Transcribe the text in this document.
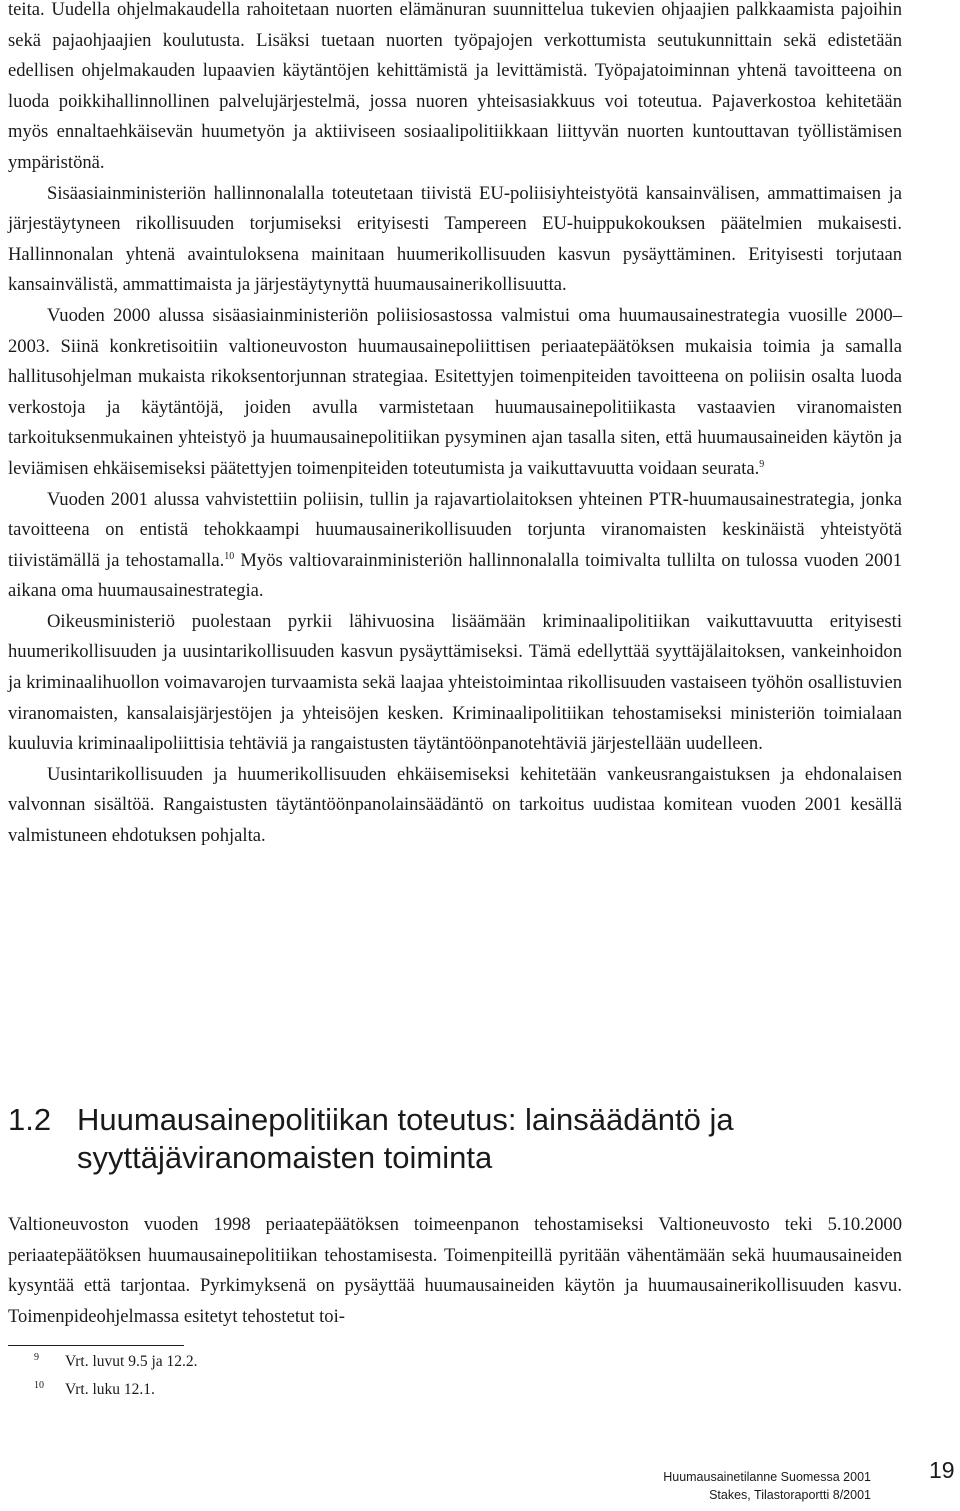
teita. Uudella ohjelmakaudella rahoitetaan nuorten elämänuran suunnittelua tukevien ohjaajien palkkaamista pajoihin sekä pajaohjaajien koulutusta. Lisäksi tuetaan nuorten työpajojen verkottumista seutukunnittain sekä edistetään edellisen ohjelmakauden lupaavien käytäntöjen kehittämistä ja levittämistä. Työpajatoiminnan yhtenä tavoitteena on luoda poikkihallinnollinen palvelujärjestelmä, jossa nuoren yhteisasiakkuus voi toteutua. Pajaverkostoa kehitetään myös ennaltaehkäisevän huumetyön ja aktiiviseen sosiaalipolitiikkaan liittyvän nuorten kuntouttavan työllistämisen ympäristönä.

Sisäasiainministeriön hallinnonalalla toteutetaan tiivistä EU-poliisiyhteistyötä kansainvälisen, ammattimaisen ja järjestäytyneen rikollisuuden torjumiseksi erityisesti Tampereen EU-huippukokouksen päätelmien mukaisesti. Hallinnonalan yhtenä avaintuloksena mainitaan huumerikollisuuden kasvun pysäyttäminen. Erityisesti torjutaan kansainvälistä, ammattimaista ja järjestäytynyttä huumausainerikollisuutta.

Vuoden 2000 alussa sisäasiainministeriön poliisiosastossa valmistui oma huumausainestrategia vuosille 2000–2003. Siinä konkretisoitiin valtioneuvoston huumausainepoliittisen periaatepäätöksen mukaisia toimia ja samalla hallitusohjelman mukaista rikoksentorjunnan strategiaa. Esitettyjen toimenpiteiden tavoitteena on poliisin osalta luoda verkostoja ja käytäntöjä, joiden avulla varmistetaan huumausainepolitiikasta vastaavien viranomaisten tarkoituksenmukainen yhteistyö ja huumausainepolitiikan pysyminen ajan tasalla siten, että huumausaineiden käytön ja leviämisen ehkäisemiseksi päätettyjen toimenpiteiden toteutumista ja vaikuttavuutta voidaan seurata.$^9$

Vuoden 2001 alussa vahvistettiin poliisin, tullin ja rajavartiolaitoksen yhteinen PTR-huumausainestrategia, jonka tavoitteena on entistä tehokkaampi huumausainerikollisuuden torjunta viranomaisten keskinäistä yhteistyötä tiivistämällä ja tehostamalla.$^{10}$ Myös valtiovarainministeriön hallinnonalalla toimivalta tullilta on tulossa vuoden 2001 aikana oma huumausainestrategia.

Oikeusministeriö puolestaan pyrkii lähivuosina lisäämään kriminaalipolitiikan vaikuttavuutta erityisesti huumerikollisuuden ja uusintarikollisuuden kasvun pysäyttämiseksi. Tämä edellyttää syyttäjälaitoksen, vankeinhoidon ja kriminaalihuollon voimavarojen turvaamista sekä laajaa yhteistoimintaa rikollisuuden vastaiseen työhön osallistuvien viranomaisten, kansalaisjärjestöjen ja yhteisöjen kesken. Kriminaalipolitiikan tehostamiseksi ministeriön toimialaan kuuluvia kriminaalipoliittisia tehtäviä ja rangaistusten täytäntöönpanotehtäviä järjestellään uudelleen.

Uusintarikollisuuden ja huumerikollisuuden ehkäisemiseksi kehitetään vankeusrangaistuksen ja ehdonalaisen valvonnan sisältöä. Rangaistusten täytäntöönpanolainsäädäntö on tarkoitus uudistaa komitean vuoden 2001 kesällä valmistuneen ehdotuksen pohjalta.

1.2 Huumausainepolitiikan toteutus: lainsäädäntö ja
syyttäjäviranomaisten toiminta

Valtioneuvoston vuoden 1998 periaatepäätöksen toimeenpanon tehostamiseksi Valtioneuvosto teki 5.10.2000 periaatepäätöksen huumausainepolitiikan tehostamisesta. Toimenpiteillä pyritään vähentämään sekä huumausaineiden kysyntää että tarjontaa. Pyrkimyksenä on pysäyttää huumausaineiden käytön ja huumausainerikollisuuden kasvu. Toimenpideohjelmassa esitetyt tehostetut toi-

9 Vrt. luvut 9.5 ja 12.2.
10 Vrt. luku 12.1.
Huumausainetilanne Suomessa 2001
Stakes, Tilastoraportti 8/2001
19
